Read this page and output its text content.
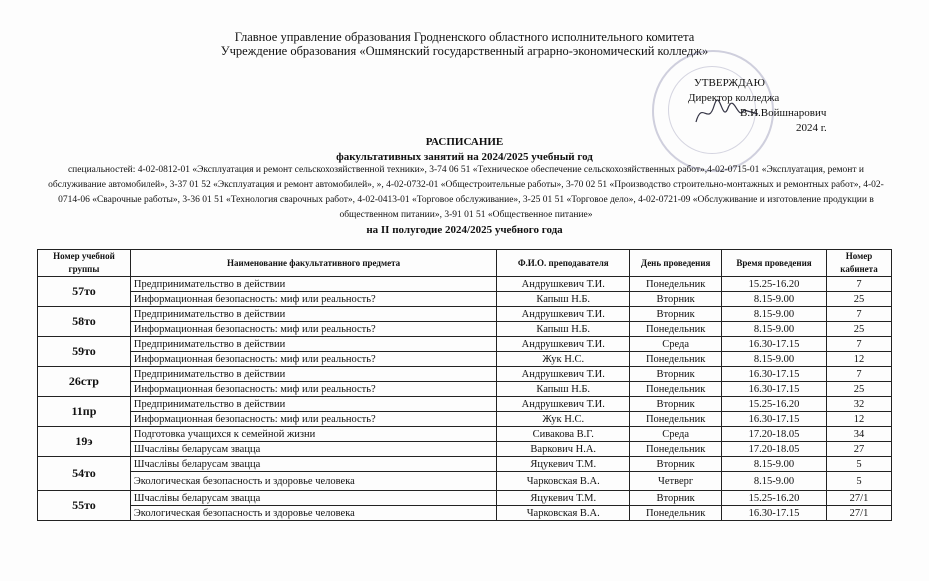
Главное управление образования Гродненского областного исполнительного комитета
Учреждение образования «Ошмянский государственный аграрно-экономический колледж»
УТВЕРЖДАЮ
Директор колледжа
В.И.Войшнарович
2024 г.
РАСПИСАНИЕ
факультативных занятий на 2024/2025 учебный год
специальностей: 4-02-0812-01 «Эксплуатация и ремонт сельскохозяйственной техники», 3-74 06 51 «Техническое обеспечение сельскохозяйственных работ»,4-02-0715-01 «Эксплуатация, ремонт и обслуживание автомобилей», 3-37 01 52 «Эксплуатация и ремонт автомобилей», », 4-02-0732-01 «Общестроительные работы», 3-70 02 51 «Производство строительно-монтажных и ремонтных работ», 4-02-0714-06 «Сварочные работы», 3-36 01 51 «Технология сварочных работ», 4-02-0413-01 «Торговое обслуживание», 3-25 01 51 «Торговое дело», 4-02-0721-09 «Обслуживание и изготовление продукции в общественном питании», 3-91 01 51 «Общественное питание»
на II полугодие 2024/2025 учебного года
Номер учебной группы	Наименование факультативного предмета	Ф.И.О. преподавателя	День проведения	Время проведения	Номер кабинета
57то	Предпринимательство в действии	Андрушкевич Т.И.	Понедельник	15.25-16.20	7
	Информационная безопасность: миф или реальность?	Капыш Н.Б.	Вторник	8.15-9.00	25
58то	Предпринимательство в действии	Андрушкевич Т.И.	Вторник	8.15-9.00	7
	Информационная безопасность: миф или реальность?	Капыш Н.Б.	Понедельник	8.15-9.00	25
59то	Предпринимательство в действии	Андрушкевич Т.И.	Среда	16.30-17.15	7
	Информационная безопасность: миф или реальность?	Жук Н.С.	Понедельник	8.15-9.00	12
26стр	Предпринимательство в действии	Андрушкевич Т.И.	Вторник	16.30-17.15	7
	Информационная безопасность: миф или реальность?	Капыш Н.Б.	Понедельник	16.30-17.15	25
11пр	Предпринимательство в действии	Андрушкевич Т.И.	Вторник	15.25-16.20	32
	Информационная безопасность: миф или реальность?	Жук Н.С.	Понедельник	16.30-17.15	12
19э	Подготовка учащихся к семейной жизни	Сивакова В.Г.	Среда	17.20-18.05	34
	Шчаслівы беларусам звацца	Варкович Н.А.	Понедельник	17.20-18.05	27
54то	Шчаслівы беларусам звацца	Яцукевич Т.М.	Вторник	8.15-9.00	5
	Экологическая безопасность и здоровье человека	Чарковская В.А.	Четверг	8.15-9.00	5
55то	Шчаслівы беларусам звацца	Яцукевич Т.М.	Вторник	15.25-16.20	27/1
	Экологическая безопасность и здоровье человека	Чарковская В.А.	Понедельник	16.30-17.15	27/1
